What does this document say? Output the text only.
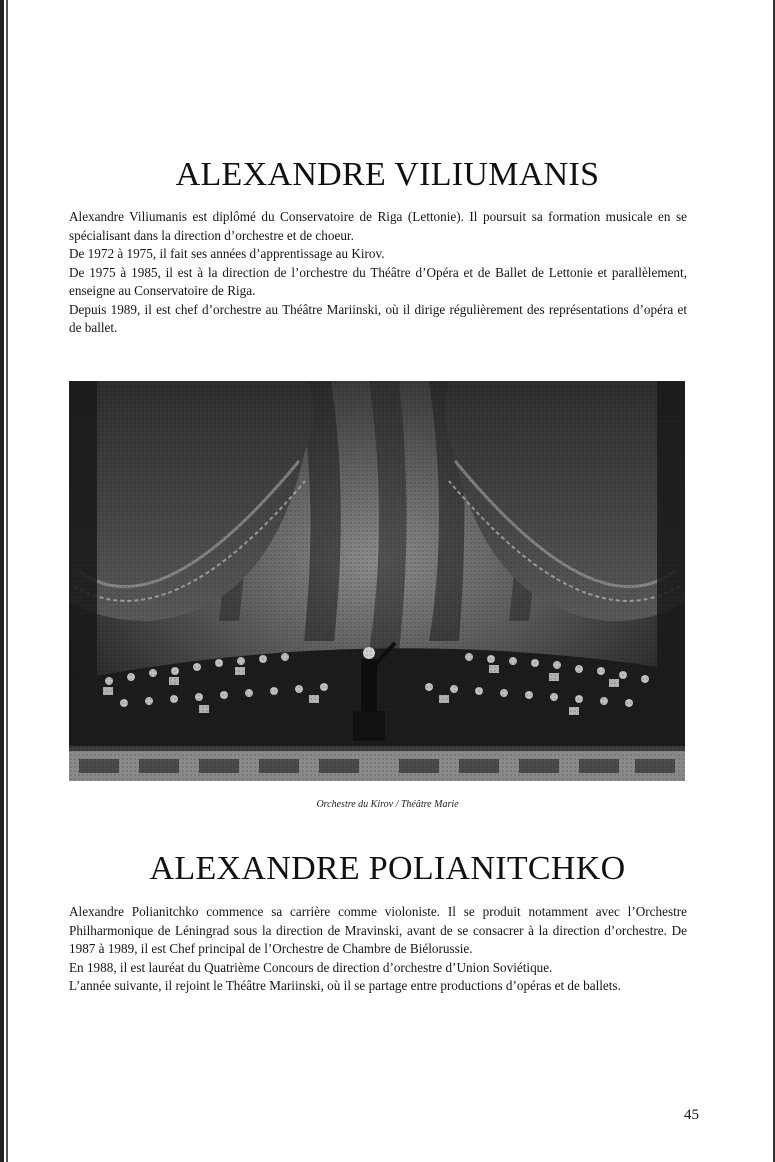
ALEXANDRE VILIUMANIS

Alexandre Viliumanis est diplômé du Conservatoire de Riga (Lettonie). Il poursuit sa formation musicale en se spécialisant dans la direction d’orchestre et de choeur.

De 1972 à 1975, il fait ses années d’apprentissage au Kirov.

De 1975 à 1985, il est à la direction de l’orchestre du Théâtre d’Opéra et de Ballet de Lettonie et parallèlement, enseigne au Conservatoire de Riga.

Depuis 1989, il est chef d’orchestre au Théâtre Mariinski, où il dirige régulièrement des représentations d’opéra et de ballet.

Orchestre du Kirov / Théâtre Marie
ALEXANDRE POLIANITCHKO

Alexandre Polianitchko commence sa carrière comme violoniste. Il se produit notamment avec l’Orchestre Philharmonique de Léningrad sous la direction de Mravinski, avant de se consacrer à la direction d’orchestre. De 1987 à 1989, il est Chef principal de l’Orchestre de Chambre de Biélorussie.

En 1988, il est lauréat du Quatrième Concours de direction d’orchestre d’Union Soviétique.

L’année suivante, il rejoint le Théâtre Mariinski, où il se partage entre productions d’opéras et de ballets.

45
